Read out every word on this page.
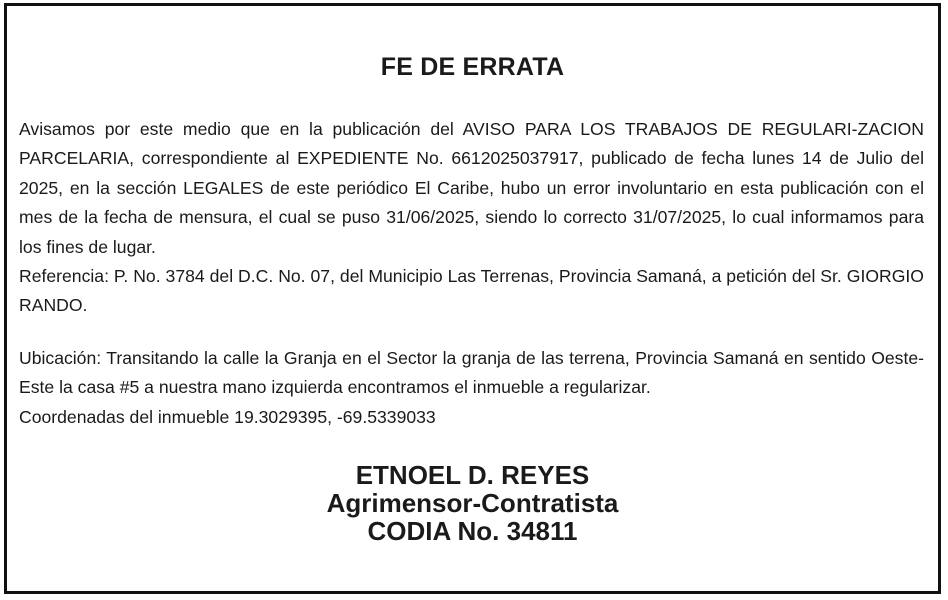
FE DE ERRATA

Avisamos por este medio que en la publicación del AVISO PARA LOS TRABAJOS DE REGULARI-ZACION PARCELARIA, correspondiente al EXPEDIENTE No. 6612025037917, publicado de fecha lunes 14 de Julio del 2025, en la sección LEGALES de este periódico El Caribe, hubo un error involuntario en esta publicación con el mes de la fecha de mensura, el cual se puso 31/06/2025, siendo lo correcto 31/07/2025, lo cual informamos para los fines de lugar.

Referencia: P. No. 3784 del D.C. No. 07, del Municipio Las Terrenas, Provincia Samaná, a petición del Sr. GIORGIO RANDO.

Ubicación: Transitando la calle la Granja en el Sector la granja de las terrena, Provincia Samaná en sentido Oeste-Este la casa #5 a nuestra mano izquierda encontramos el inmueble a regularizar.

Coordenadas del inmueble 19.3029395, -69.5339033

ETNOEL D. REYES
Agrimensor-Contratista
CODIA No. 34811
